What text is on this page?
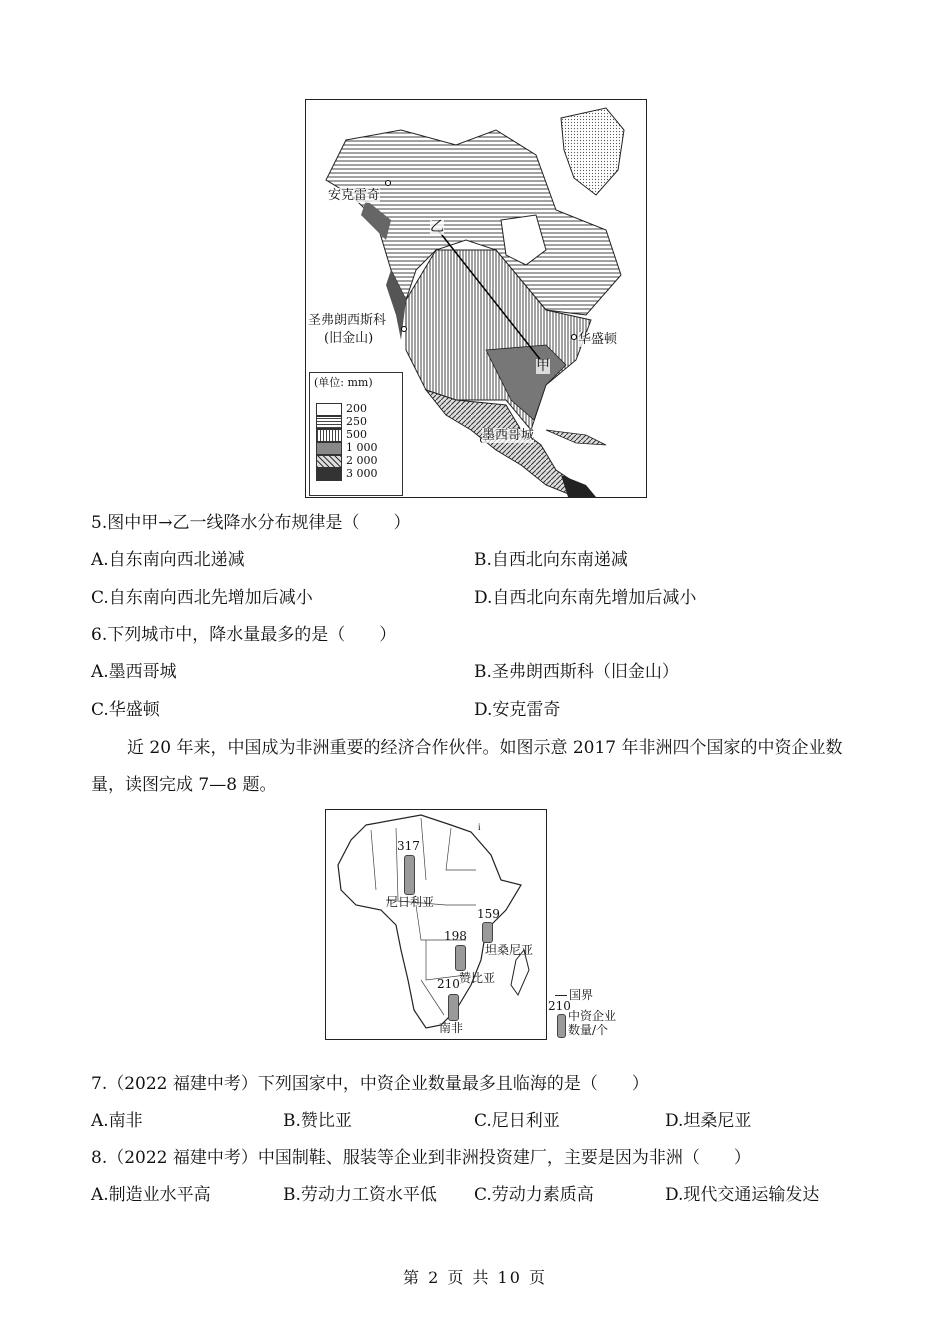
安克雷奇
乙
圣弗朗西斯科
(旧金山)	华盛顿
甲
墨西哥城
(单位: mm)
200
250
500
1 000
2 000
3 000
5.图中甲→乙一线降水分布规律是（　　）
A.自东南向西北递减	B.自西北向东南递减
C.自东南向西北先增加后减小	D.自西北向东南先增加后减小
6.下列城市中，降水量最多的是（　　）
A.墨西哥城	B.圣弗朗西斯科（旧金山）
C.华盛顿	D.安克雷奇
近 20 年来，中国成为非洲重要的经济合作伙伴。如图示意 2017 年非洲四个国家的中资企业数量，读图完成 7—8 题。
i
317
尼日利亚
159
坦桑尼亚
198
赞比亚
210
南非
国界
210
中资企业
数量/个
7.（2022 福建中考）下列国家中，中资企业数量最多且临海的是（　　）
A.南非	B.赞比亚	C.尼日利亚	D.坦桑尼亚
8.（2022 福建中考）中国制鞋、服装等企业到非洲投资建厂，主要是因为非洲（　　）
A.制造业水平高	B.劳动力工资水平低 C.劳动力素质高	D.现代交通运输发达
第 2 页 共 10 页
